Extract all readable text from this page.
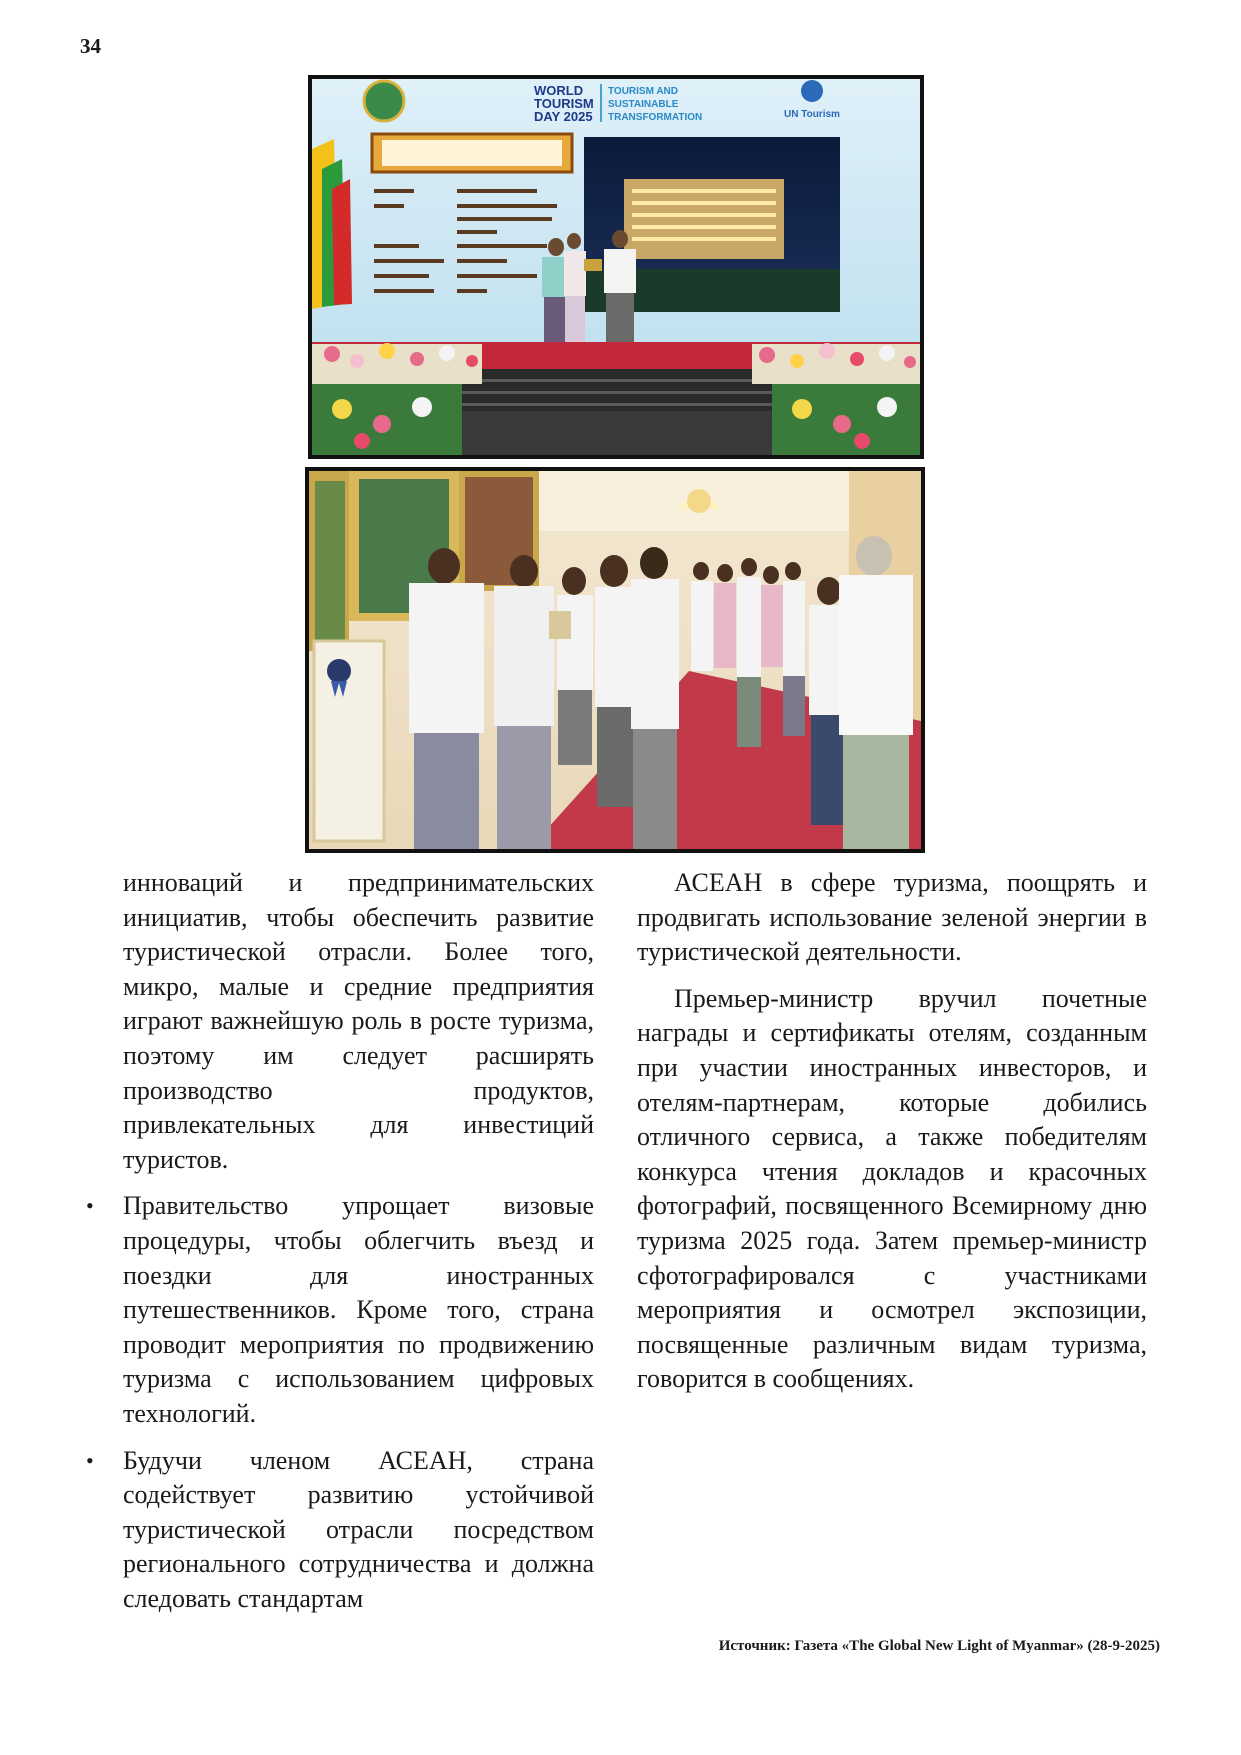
34
WORLD
TOURISM
DAY 2025
TOURISM AND
SUSTAINABLE
TRANSFORMATION	UN Tourism

инноваций и предпринимательских инициатив, чтобы обеспечить развитие туристической отрасли. Более того, микро, малые и средние предприятия играют важнейшую роль в росте туризма, поэтому им следует расширять производство продуктов, привлекательных для инвестиций туристов.

• Правительство упрощает визовые процедуры, чтобы облегчить въезд и поездки для иностранных путешественников. Кроме того, страна проводит мероприятия по продвижению туризма с использованием цифровых технологий.

• Будучи членом АСЕАН, страна содействует развитию устойчивой туристической отрасли посредством регионального сотрудничества и должна следовать стандартам

АСЕАН в сфере туризма, поощрять и продвигать использование зеленой энергии в туристической деятельности.

Премьер-министр вручил почетные награды и сертификаты отелям, созданным при участии иностранных инвесторов, и отелям-партнерам, которые добились отличного сервиса, а также победителям конкурса чтения докладов и красочных фотографий, посвященного Всемирному дню туризма 2025 года. Затем премьер-министр сфотографировался с участниками мероприятия и осмотрел экспозиции, посвященные различным видам туризма, говорится в сообщениях.

Источник: Газета «The Global New Light of Myanmar» (28-9-2025)
